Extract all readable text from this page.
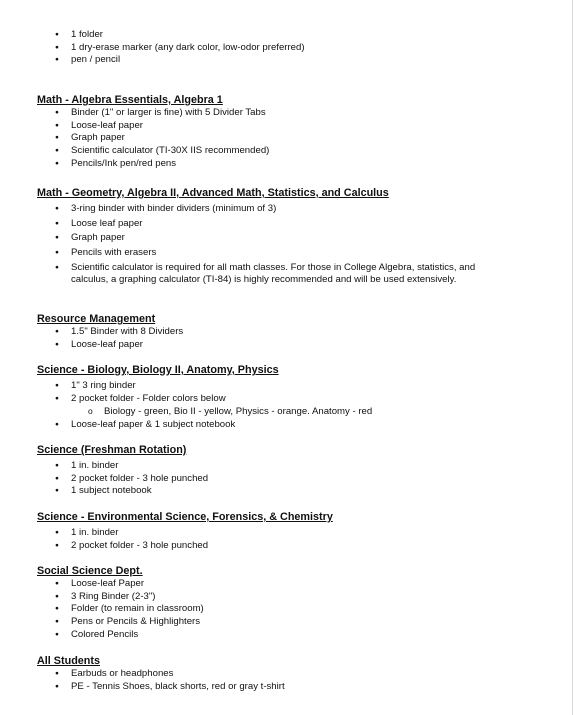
● 1 folder
● 1 dry-erase marker (any dark color, low-odor preferred)
● pen / pencil
Math - Algebra Essentials, Algebra 1
● Binder (1" or larger is fine) with 5 Divider Tabs
● Loose-leaf paper
● Graph paper
● Scientific calculator (TI-30X IIS recommended)
● Pencils/Ink pen/red pens
Math - Geometry, Algebra II, Advanced Math, Statistics, and Calculus
● 3-ring binder with binder dividers (minimum of 3)
● Loose leaf paper
● Graph paper
● Pencils with erasers
● Scientific calculator is required for all math classes. For those in College Algebra, statistics, and calculus, a graphing calculator (TI-84) is highly recommended and will be used extensively.
Resource Management
● 1.5" Binder with 8 Dividers
● Loose-leaf paper
Science - Biology, Biology II, Anatomy, Physics
● 1" 3 ring binder
● 2 pocket folder - Folder colors below
o Biology - green, Bio II - yellow, Physics - orange. Anatomy - red
● Loose-leaf paper & 1 subject notebook
Science (Freshman Rotation)
● 1 in. binder
● 2 pocket folder - 3 hole punched
● 1 subject notebook
Science - Environmental Science, Forensics, & Chemistry
● 1 in. binder
● 2 pocket folder - 3 hole punched
Social Science Dept.
● Loose-leaf Paper
● 3 Ring Binder (2-3")
● Folder (to remain in classroom)
● Pens or Pencils & Highlighters
● Colored Pencils
All Students
● Earbuds or headphones
● PE - Tennis Shoes, black shorts, red or gray t-shirt
